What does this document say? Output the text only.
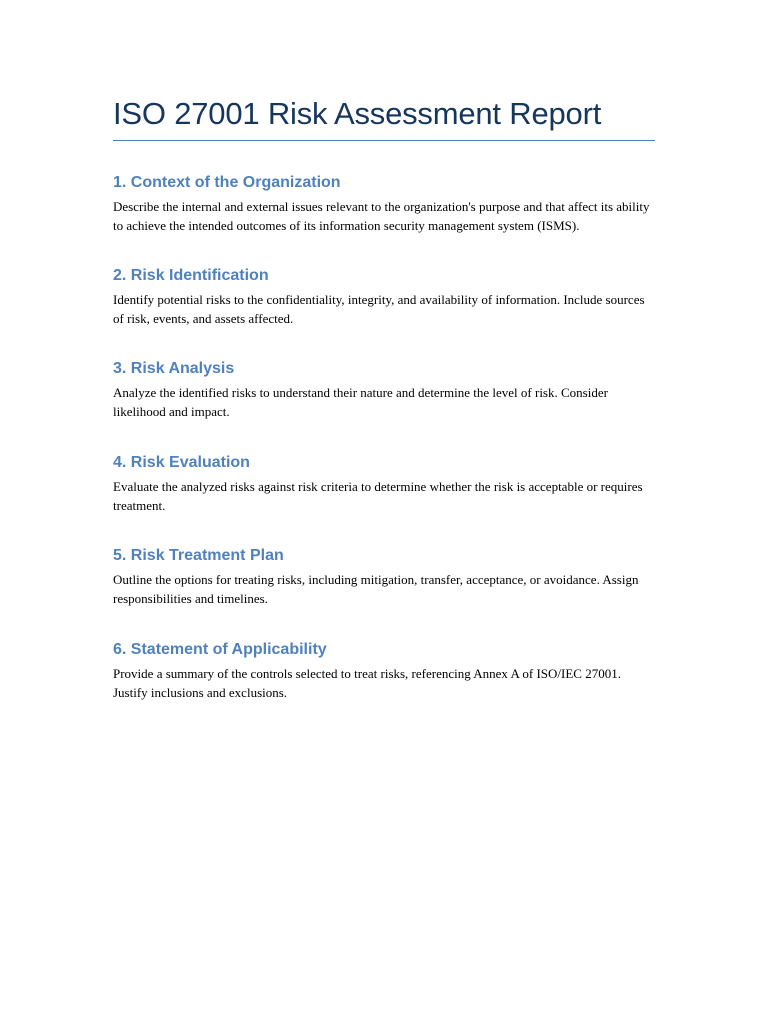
ISO 27001 Risk Assessment Report
1. Context of the Organization

Describe the internal and external issues relevant to the organization's purpose and that affect its ability to achieve the intended outcomes of its information security management system (ISMS).

2. Risk Identification

Identify potential risks to the confidentiality, integrity, and availability of information. Include sources of risk, events, and assets affected.

3. Risk Analysis

Analyze the identified risks to understand their nature and determine the level of risk. Consider likelihood and impact.

4. Risk Evaluation

Evaluate the analyzed risks against risk criteria to determine whether the risk is acceptable or requires treatment.

5. Risk Treatment Plan

Outline the options for treating risks, including mitigation, transfer, acceptance, or avoidance. Assign responsibilities and timelines.

6. Statement of Applicability

Provide a summary of the controls selected to treat risks, referencing Annex A of ISO/IEC 27001. Justify inclusions and exclusions.
